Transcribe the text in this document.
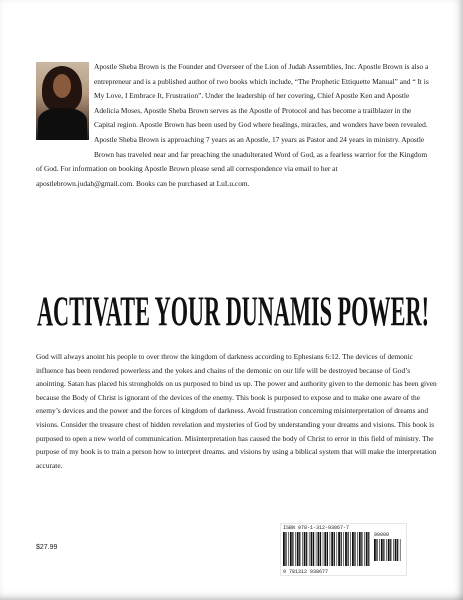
Apostle Sheba Brown is the Founder and Overseer of the Lion of Judah Assemblies, Inc. Apostle Brown is also a entrepreneur and is a published author of two books which include, “The Prophetic Ettiquette Manual” and “ It is My Love, I Embrace It, Frustration”. Under the leadership of her covering, Chief Apostle Ken and Apostle Adelicia Moses, Apostle Sheba Brown serves as the Apostle of Protocol and has become a trailblazer in the Capital region. Apostle Brown has been used by God where healings, miracles, and wonders have been revealed. Apostle Sheba Brown is approaching 7 years as an Apostle, 17 years as Pastor and 24 years in ministry. Apostle Brown has traveled near and far preaching the unadulterated Word of God, as a fearless warrior for the Kingdom of God. For information on booking Apostle Brown please send all correspondence via email to her at apostlebrown.judah@gmail.com. Books can be purchased at LuLu.com.

ACTIVATE YOUR DUNAMIS POWER!

God will always anoint his people to over throw the kingdom of darkness according to Ephesians 6:12. The devices of demonic influence has been rendered powerless and the yokes and chains of the demonic on our life will be destroyed because of God’s anointing. Satan has placed his strongholds on us purposed to bind us up. The power and authority given to the demonic has been given because the Body of Christ is ignorant of the devices of the enemy. This book is purposed to expose and to make one aware of the enemy’s devices and the power and the forces of kingdom of darkness. Avoid frustration concerning misinterpretation of dreams and visions. Consider the treasure chest of hidden revelation and mysteries of God by understanding your dreams and visions. This book is purposed to open a new world of communication. Misinterpretation has caused the body of Christ to error in this field of ministry. The purpose of my book is to train a person how to interpret dreams. and visions by using a biblical system that will make the interpretation accurate.

ISBN 978-1-312-93867-7
90000
9 781312 938677
$27.99
